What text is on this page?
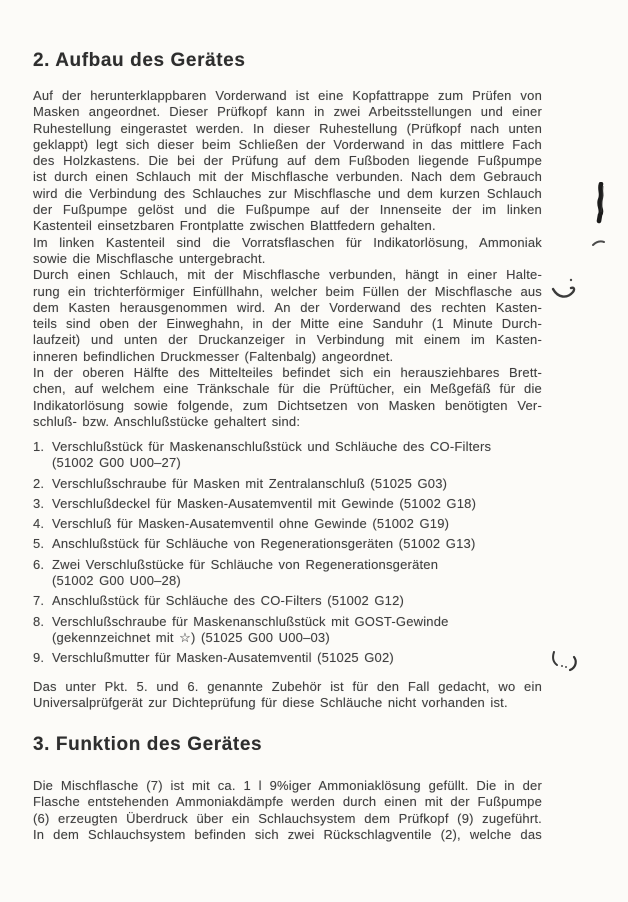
2. Aufbau des Gerätes
Auf der herunterklappbaren Vorderwand ist eine Kopfattrappe zum Prüfen von
Masken angeordnet. Dieser Prüfkopf kann in zwei Arbeitsstellungen und einer
Ruhestellung eingerastet werden. In dieser Ruhestellung (Prüfkopf nach unten
geklappt) legt sich dieser beim Schließen der Vorderwand in das mittlere Fach
des Holzkastens. Die bei der Prüfung auf dem Fußboden liegende Fußpumpe
ist durch einen Schlauch mit der Mischflasche verbunden. Nach dem Gebrauch
wird die Verbindung des Schlauches zur Mischflasche und dem kurzen Schlauch
der Fußpumpe gelöst und die Fußpumpe auf der Innenseite der im linken
Kastenteil einsetzbaren Frontplatte zwischen Blattfedern gehalten.
Im linken Kastenteil sind die Vorratsflaschen für Indikatorlösung, Ammoniak
sowie die Mischflasche untergebracht.
Durch einen Schlauch, mit der Mischflasche verbunden, hängt in einer Halte-
rung ein trichterförmiger Einfüllhahn, welcher beim Füllen der Mischflasche aus
dem Kasten herausgenommen wird. An der Vorderwand des rechten Kasten-
teils sind oben der Einweghahn, in der Mitte eine Sanduhr (1 Minute Durch-
laufzeit) und unten der Druckanzeiger in Verbindung mit einem im Kasten-
inneren befindlichen Druckmesser (Faltenbalg) angeordnet.
In der oberen Hälfte des Mittelteiles befindet sich ein herausziehbares Brett-
chen, auf welchem eine Tränkschale für die Prüftücher, ein Meßgefäß für die
Indikatorlösung sowie folgende, zum Dichtsetzen von Masken benötigten Ver-
schluß- bzw. Anschlußstücke gehaltert sind:
1. Verschlußstück für Maskenanschlußstück und Schläuche des CO-Filters
(51002 G00 U00–27)
2. Verschlußschraube für Masken mit Zentralanschluß (51025 G03)
3. Verschlußdeckel für Masken-Ausatemventil mit Gewinde (51002 G18)
4. Verschluß für Masken-Ausatemventil ohne Gewinde (51002 G19)
5. Anschlußstück für Schläuche von Regenerationsgeräten (51002 G13)
6. Zwei Verschlußstücke für Schläuche von Regenerationsgeräten
(51002 G00 U00–28)
7. Anschlußstück für Schläuche des CO-Filters (51002 G12)
8. Verschlußschraube für Maskenanschlußstück mit GOST-Gewinde
(gekennzeichnet mit ☆) (51025 G00 U00–03)
9. Verschlußmutter für Masken-Ausatemventil (51025 G02)
Das unter Pkt. 5. und 6. genannte Zubehör ist für den Fall gedacht, wo ein
Universalprüfgerät zur Dichteprüfung für diese Schläuche nicht vorhanden ist.
3. Funktion des Gerätes
Die Mischflasche (7) ist mit ca. 1 l 9%iger Ammoniaklösung gefüllt. Die in der
Flasche entstehenden Ammoniakdämpfe werden durch einen mit der Fußpumpe
(6) erzeugten Überdruck über ein Schlauchsystem dem Prüfkopf (9) zugeführt.
In dem Schlauchsystem befinden sich zwei Rückschlagventile (2), welche das
